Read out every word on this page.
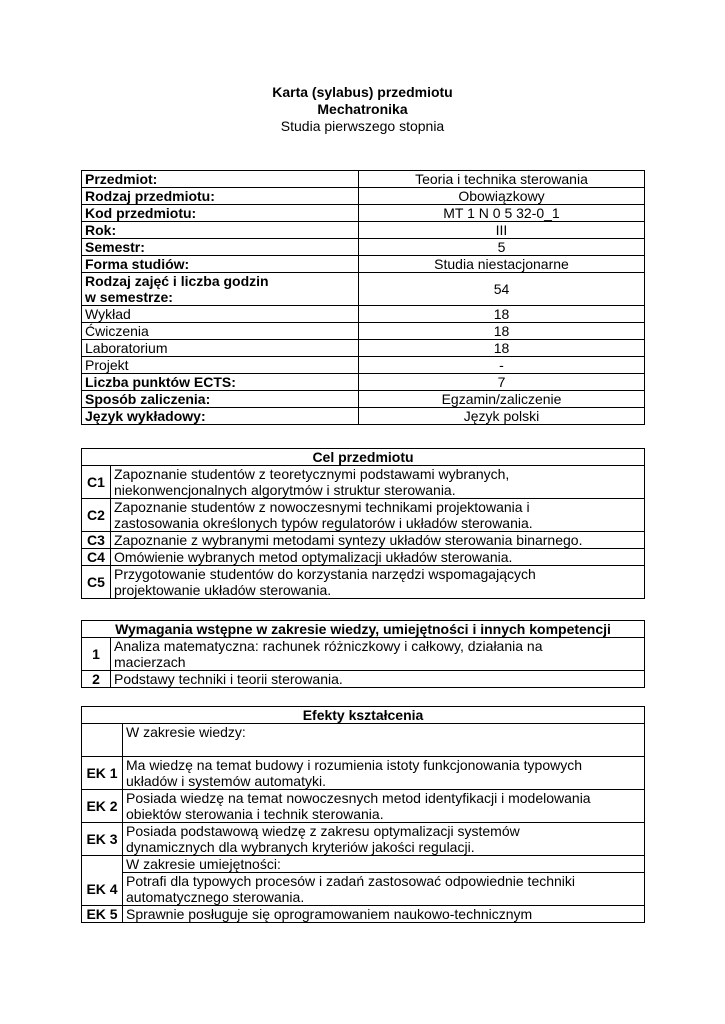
Karta (sylabus) przedmiotu
Mechatronika
Studia pierwszego stopnia
Przedmiot:	Teoria i technika sterowania
Rodzaj przedmiotu:	Obowiązkowy
Kod przedmiotu:	MT 1 N 0 5 32-0_1
Rok:	III
Semestr:	5
Forma studiów:	Studia niestacjonarne

Rodzaj zajęć i liczba godzin
w semestrze:	54
Wykład	18
Ćwiczenia	18
Laboratorium	18
Projekt	-
Liczba punktów ECTS:	7
Sposób zaliczenia:	Egzamin/zaliczenie
Język wykładowy:	Język polski
Cel przedmiotu	
C1	Zapoznanie studentów z teoretycznymi podstawami wybranych,
niekonwencjonalnych algorytmów i struktur sterowania.

C2	Zapoznanie studentów z nowoczesnymi technikami projektowania i
zastosowania określonych typów regulatorów i układów sterowania.

C3	Zapoznanie z wybranymi metodami syntezy układów sterowania binarnego.
C4	Omówienie wybranych metod optymalizacji układów sterowania.
C5	Przygotowanie studentów do korzystania narzędzi wspomagających
projektowanie układów sterowania.
Wymagania wstępne w zakresie wiedzy, umiejętności i innych kompetencji	
1	Analiza matematyczna: rachunek różniczkowy i całkowy, działania na
macierzach

2	Podstawy techniki i teorii sterowania.
Efekty kształcenia	
	W zakresie wiedzy:
EK 1	Ma wiedzę na temat budowy i rozumienia istoty funkcjonowania typowych
układów i systemów automatyki.

EK 2	Posiada wiedzę na temat nowoczesnych metod identyfikacji i modelowania
obiektów sterowania i technik sterowania.

EK 3	Posiada podstawową wiedzę z zakresu optymalizacji systemów
dynamicznych dla wybranych kryteriów jakości regulacji.

	W zakresie umiejętności:
EK 4	Potrafi dla typowych procesów i zadań zastosować odpowiednie techniki
automatycznego sterowania.

EK 5	Sprawnie posługuje się oprogramowaniem naukowo-technicznym
